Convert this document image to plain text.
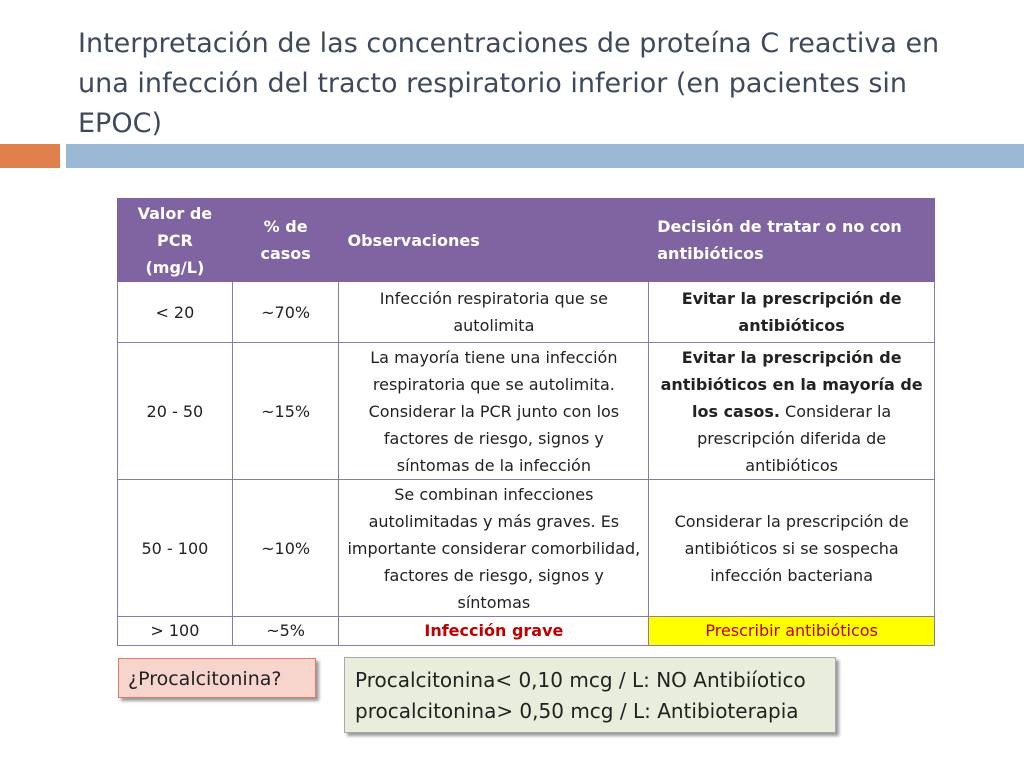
Interpretación de las concentraciones de proteína C reactiva en una infección del tracto respiratorio inferior (en pacientes sin EPOC)
Valor de PCR (mg/L)	% de casos	Observaciones	Decisión de tratar o no con antibióticos
< 20	~70%	Infección respiratoria que se autolimita	Evitar la prescripción de antibióticos
20 - 50	~15%	La mayoría tiene una infección respiratoria que se autolimita. Considerar la PCR junto con los factores de riesgo, signos y síntomas de la infección	Evitar la prescripción de antibióticos en la mayoría de los casos. Considerar la prescripción diferida de antibióticos
50 - 100	~10%	Se combinan infecciones autolimitadas y más graves. Es importante considerar comorbilidad, factores de riesgo, signos y síntomas	Considerar la prescripción de antibióticos si se sospecha infección bacteriana
> 100	~5%	Infección grave	Prescribir antibióticos
¿Procalcitonina?	Procalcitonina< 0,10 mcg / L: NO Antibiíotico
procalcitonina> 0,50 mcg / L: Antibioterapia
